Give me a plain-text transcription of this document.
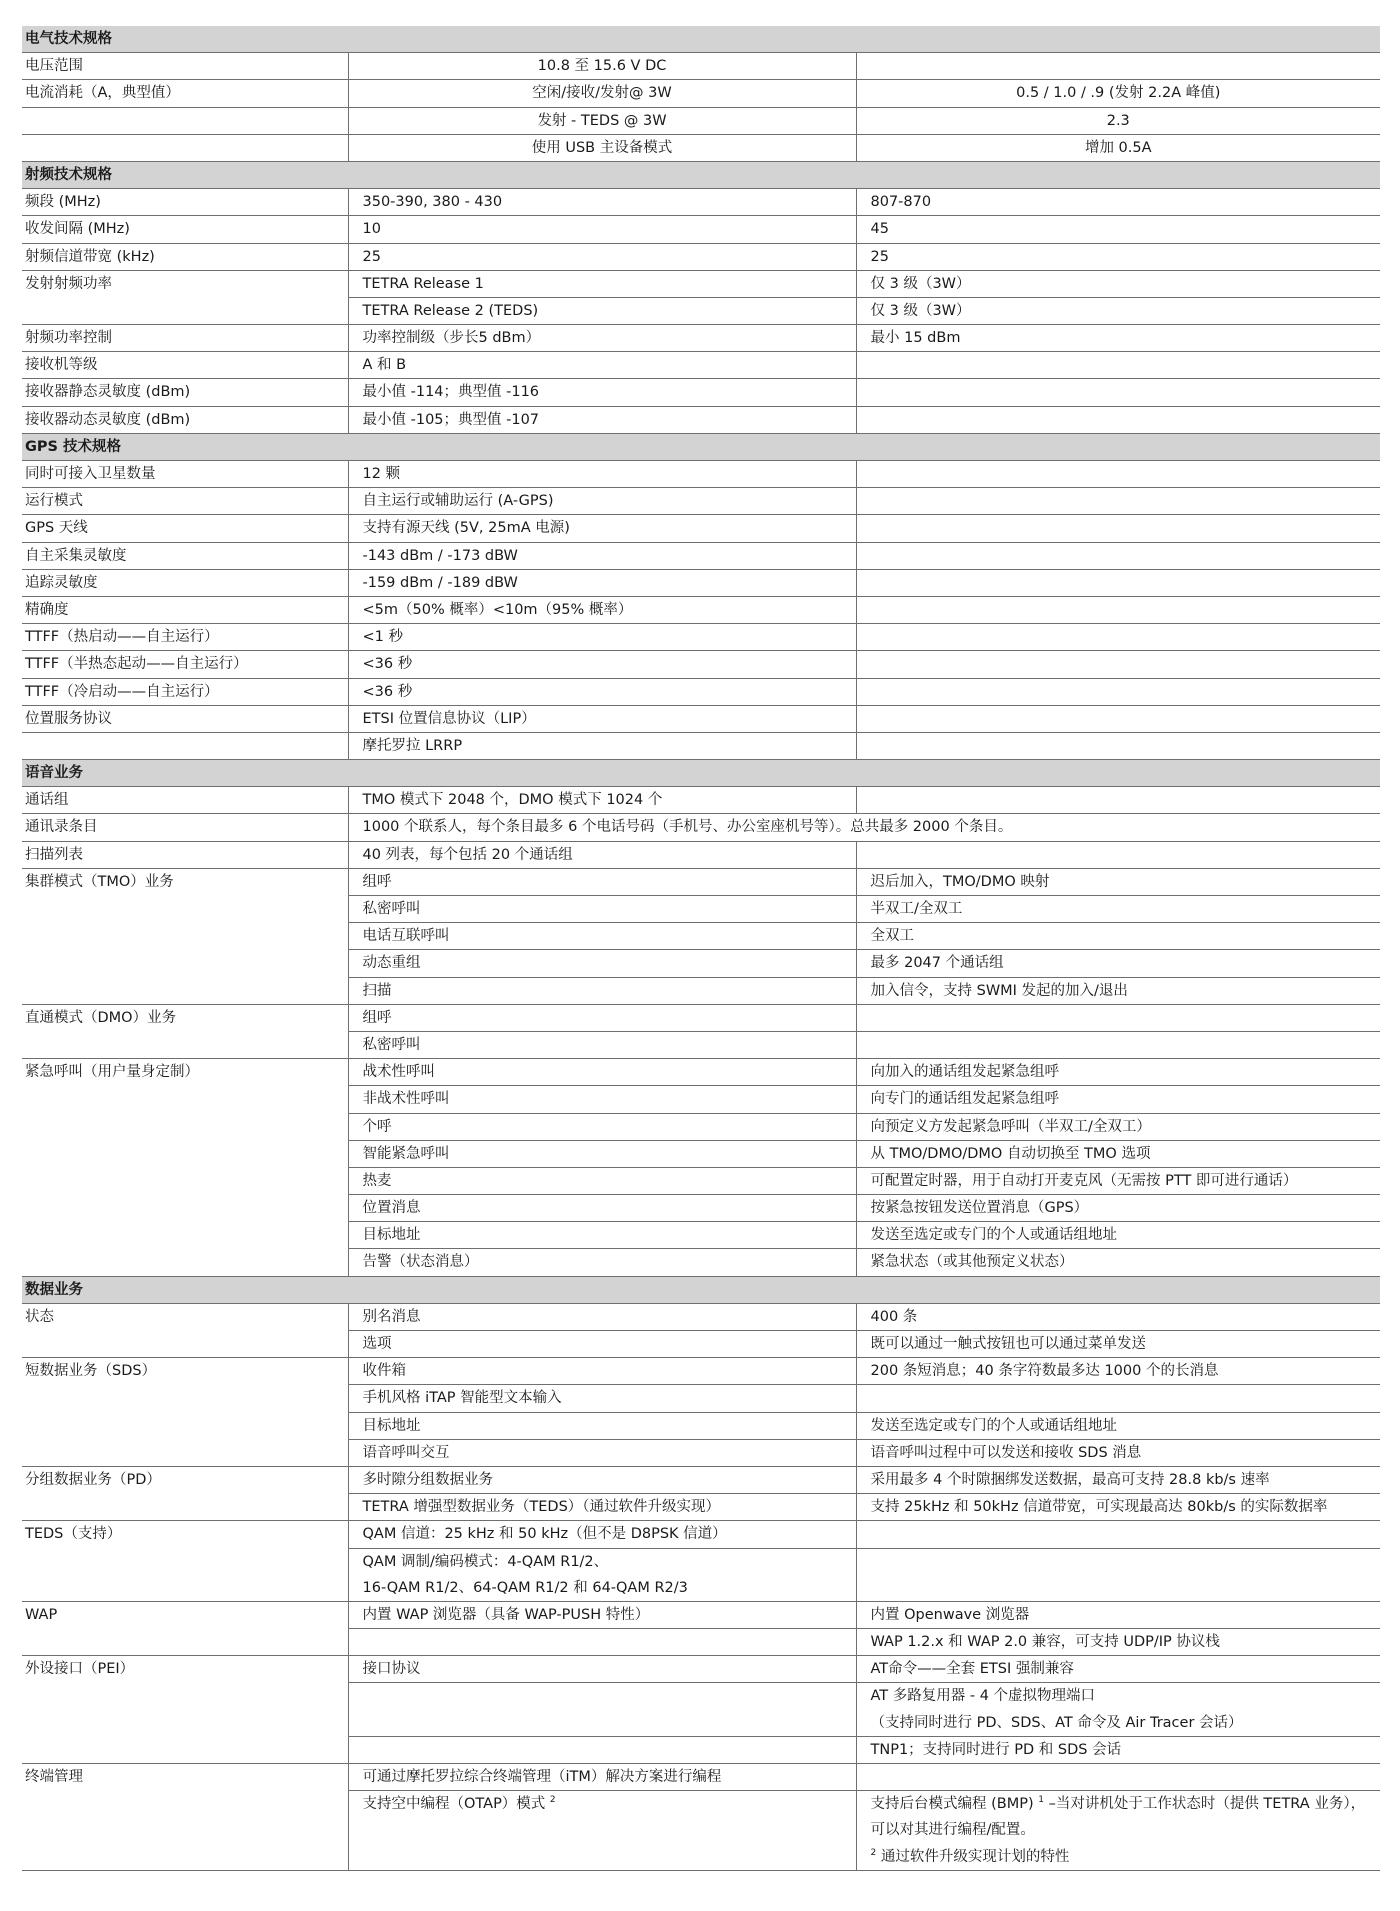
电气技术规格		
电压范围	10.8 至 15.6 V DC	
电流消耗（A，典型值）	空闲/接收/发射@ 3W	0.5 / 1.0 / .9 (发射 2.2A 峰值)
	发射 - TEDS @ 3W	2.3
	使用 USB 主设备模式	增加 0.5A
射频技术规格		
频段 (MHz)	350-390, 380 - 430	807-870
收发间隔 (MHz)	10	45
射频信道带宽 (kHz)	25	25
发射射频功率	TETRA Release 1	仅 3 级（3W）
	TETRA Release 2 (TEDS)	仅 3 级（3W）
射频功率控制	功率控制级（步长5 dBm）	最小 15 dBm
接收机等级	A 和 B	
接收器静态灵敏度 (dBm)	最小值 -114；典型值 -116	
接收器动态灵敏度 (dBm)	最小值 -105；典型值 -107	
GPS 技术规格		
同时可接入卫星数量	12 颗	
运行模式	自主运行或辅助运行 (A-GPS)	
GPS 天线	支持有源天线 (5V, 25mA 电源)	
自主采集灵敏度	-143 dBm / -173 dBW	
追踪灵敏度	-159 dBm / -189 dBW	
精确度	<5m（50% 概率）<10m（95% 概率）	
TTFF（热启动——自主运行）	<1 秒	
TTFF（半热态起动——自主运行）	<36 秒	
TTFF（冷启动——自主运行）	<36 秒	
位置服务协议	ETSI 位置信息协议（LIP）	
	摩托罗拉 LRRP	
语音业务		
通话组	TMO 模式下 2048 个，DMO 模式下 1024 个	
通讯录条目	1000 个联系人，每个条目最多 6 个电话号码（手机号、办公室座机号等）。总共最多 2000 个条目。	
扫描列表	40 列表，每个包括 20 个通话组	
集群模式（TMO）业务	组呼	迟后加入，TMO/DMO 映射
	私密呼叫	半双工/全双工
	电话互联呼叫	全双工
	动态重组	最多 2047 个通话组
	扫描	加入信令，支持 SWMI 发起的加入/退出
直通模式（DMO）业务	组呼	
	私密呼叫	
紧急呼叫（用户量身定制）	战术性呼叫	向加入的通话组发起紧急组呼
	非战术性呼叫	向专门的通话组发起紧急组呼
	个呼	向预定义方发起紧急呼叫（半双工/全双工）
	智能紧急呼叫	从 TMO/DMO/DMO 自动切换至 TMO 选项
	热麦	可配置定时器，用于自动打开麦克风（无需按 PTT 即可进行通话）
	位置消息	按紧急按钮发送位置消息（GPS）
	目标地址	发送至选定或专门的个人或通话组地址
	告警（状态消息）	紧急状态（或其他预定义状态）
数据业务		
状态	别名消息	400 条
	选项	既可以通过一触式按钮也可以通过菜单发送
短数据业务（SDS）	收件箱	200 条短消息；40 条字符数最多达 1000 个的长消息
	手机风格 iTAP 智能型文本输入	
	目标地址	发送至选定或专门的个人或通话组地址
	语音呼叫交互	语音呼叫过程中可以发送和接收 SDS 消息
分组数据业务（PD）	多时隙分组数据业务	采用最多 4 个时隙捆绑发送数据，最高可支持 28.8 kb/s 速率
	TETRA 增强型数据业务（TEDS）（通过软件升级实现）	支持 25kHz 和 50kHz 信道带宽，可实现最高达 80kb/s 的实际数据率
TEDS（支持）	QAM 信道：25 kHz 和 50 kHz（但不是 D8PSK 信道）	
	QAM 调制/编码模式：4-QAM R1/2、	
	16-QAM R1/2、64-QAM R1/2 和 64-QAM R2/3	
WAP	内置 WAP 浏览器（具备 WAP-PUSH 特性）	内置 Openwave 浏览器
		WAP 1.2.x 和 WAP 2.0 兼容，可支持 UDP/IP 协议栈
外设接口（PEI）	接口协议	AT命令——全套 ETSI 强制兼容
		AT 多路复用器 - 4 个虚拟物理端口
		（支持同时进行 PD、SDS、AT 命令及 Air Tracer 会话）
		TNP1；支持同时进行 PD 和 SDS 会话
终端管理	可通过摩托罗拉综合终端管理（iTM）解决方案进行编程	
	支持空中编程（OTAP）模式 $^2$	支持后台模式编程 (BMP) $^1$ –当对讲机处于工作状态时（提供 TETRA 业务），
		可以对其进行编程/配置。
		$^2$ 通过软件升级实现计划的特性
